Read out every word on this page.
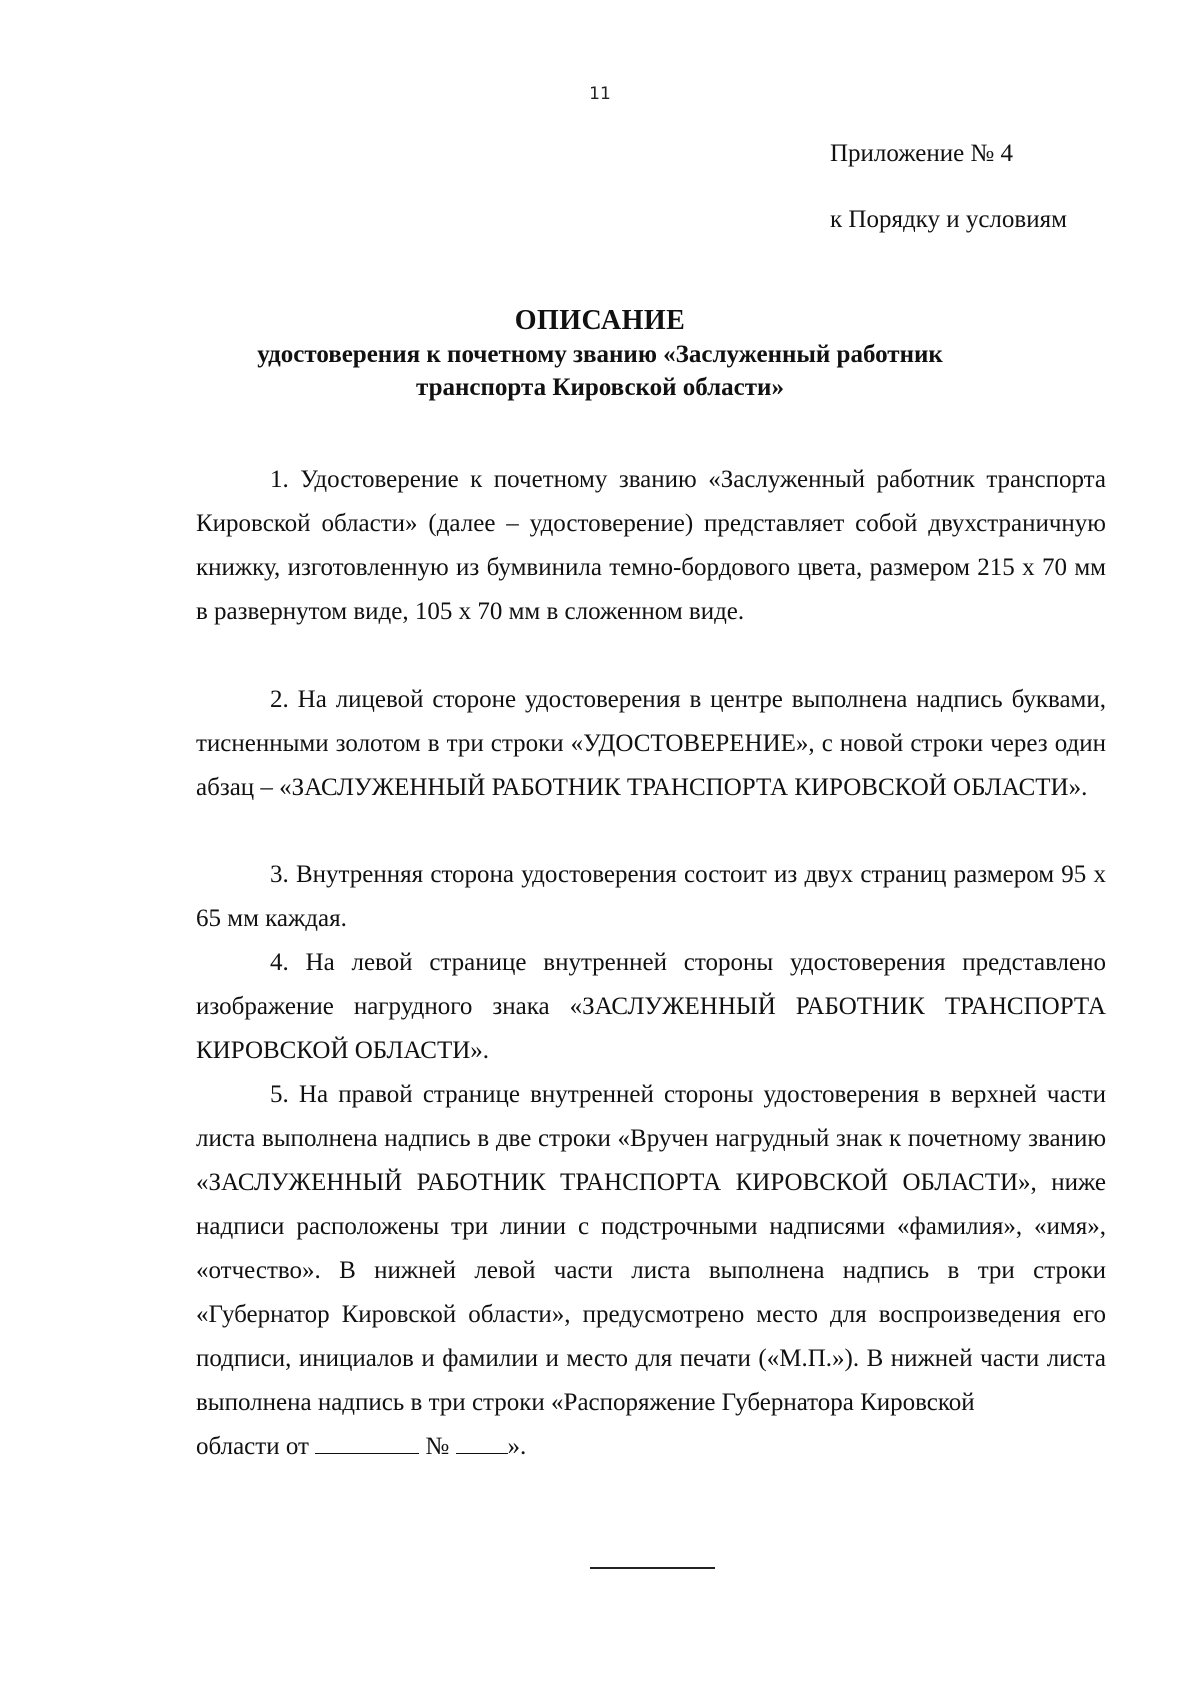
11
Приложение № 4
к Порядку и условиям
ОПИСАНИЕ
удостоверения к почетному званию «Заслуженный работник
транспорта Кировской области»

1. Удостоверение к почетному званию «Заслуженный работник транспорта Кировской области» (далее – удостоверение) представляет собой двухстраничную книжку, изготовленную из бумвинила темно-бордового цвета, размером 215 х 70 мм в развернутом виде, 105 х 70 мм в сложенном виде.

2. На лицевой стороне удостоверения в центре выполнена надпись буквами, тисненными золотом в три строки «УДОСТОВЕРЕНИЕ», с новой строки через один абзац – «ЗАСЛУЖЕННЫЙ РАБОТНИК ТРАНСПОРТА КИРОВСКОЙ ОБЛАСТИ».

3. Внутренняя сторона удостоверения состоит из двух страниц размером 95 х 65 мм каждая.

4. На левой странице внутренней стороны удостоверения представлено изображение нагрудного знака «ЗАСЛУЖЕННЫЙ РАБОТНИК ТРАНСПОРТА КИРОВСКОЙ ОБЛАСТИ».

5. На правой странице внутренней стороны удостоверения в верхней части листа выполнена надпись в две строки «Вручен нагрудный знак к почетному званию «ЗАСЛУЖЕННЫЙ РАБОТНИК ТРАНСПОРТА КИРОВСКОЙ ОБЛАСТИ», ниже надписи расположены три линии с подстрочными надписями «фамилия», «имя», «отчество». В нижней левой части листа выполнена надпись в три строки «Губернатор Кировской области», предусмотрено место для воспроизведения его подписи, инициалов и фамилии и место для печати («М.П.»). В нижней части листа выполнена надпись в три строки «Распоряжение Губернатора Кировской

области от	№ ».
